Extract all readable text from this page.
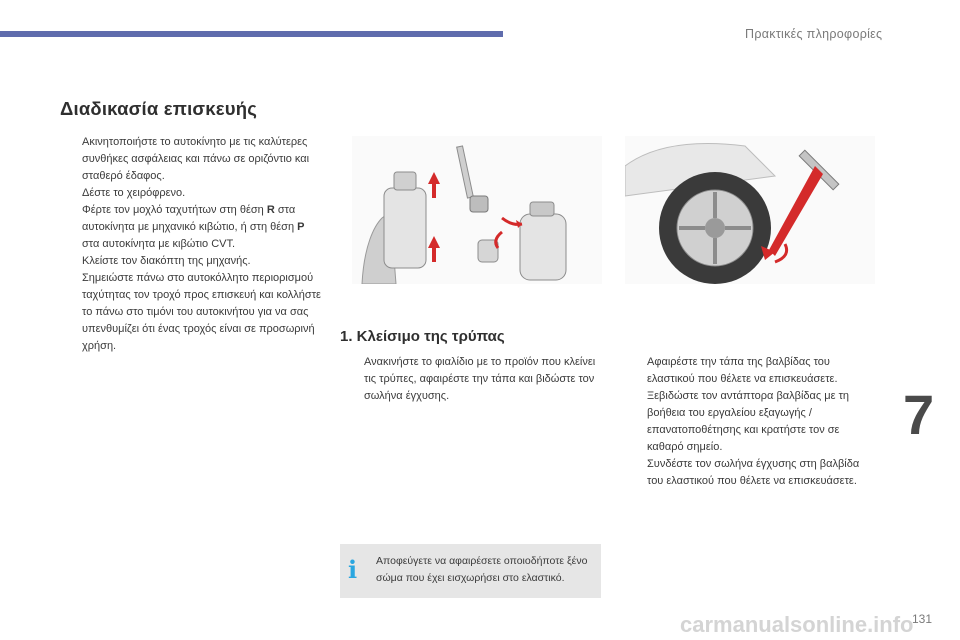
Πρακτικές πληροφορίες
Διαδικασία επισκευής
Ακινητοποιήστε το αυτοκίνητο με τις καλύτερες συνθήκες ασφάλειας και πάνω σε οριζόντιο και σταθερό έδαφος.
Δέστε το χειρόφρενο.
Φέρτε τον μοχλό ταχυτήτων στη θέση R στα αυτοκίνητα με μηχανικό κιβώτιο, ή στη θέση P στα αυτοκίνητα με κιβώτιο CVT.
Κλείστε τον διακόπτη της μηχανής.
Σημειώστε πάνω στο αυτοκόλλητο περιορισμού ταχύτητας τον τροχό προς επισκευή και κολλήστε το πάνω στο τιμόνι του αυτοκινήτου για να σας υπενθυμίζει ότι ένας τροχός είναι σε προσωρινή χρήση.
1. Κλείσιμο της τρύπας
Ανακινήστε το φιαλίδιο με το προϊόν που κλείνει τις τρύπες, αφαιρέστε την τάπα και βιδώστε τον σωλήνα έγχυσης.
Αφαιρέστε την τάπα της βαλβίδας του ελαστικού που θέλετε να επισκευάσετε.
Ξεβιδώστε τον αντάπτορα βαλβίδας με τη βοήθεια του εργαλείου εξαγωγής / επανατοποθέτησης και κρατήστε τον σε καθαρό σημείο.
Συνδέστε τον σωλήνα έγχυσης στη βαλβίδα του ελαστικού που θέλετε να επισκευάσετε.
i Αποφεύγετε να αφαιρέσετε οποιοδήποτε ξένο σώμα που έχει εισχωρήσει στο ελαστικό.
7
carmanualsonline.info
131
